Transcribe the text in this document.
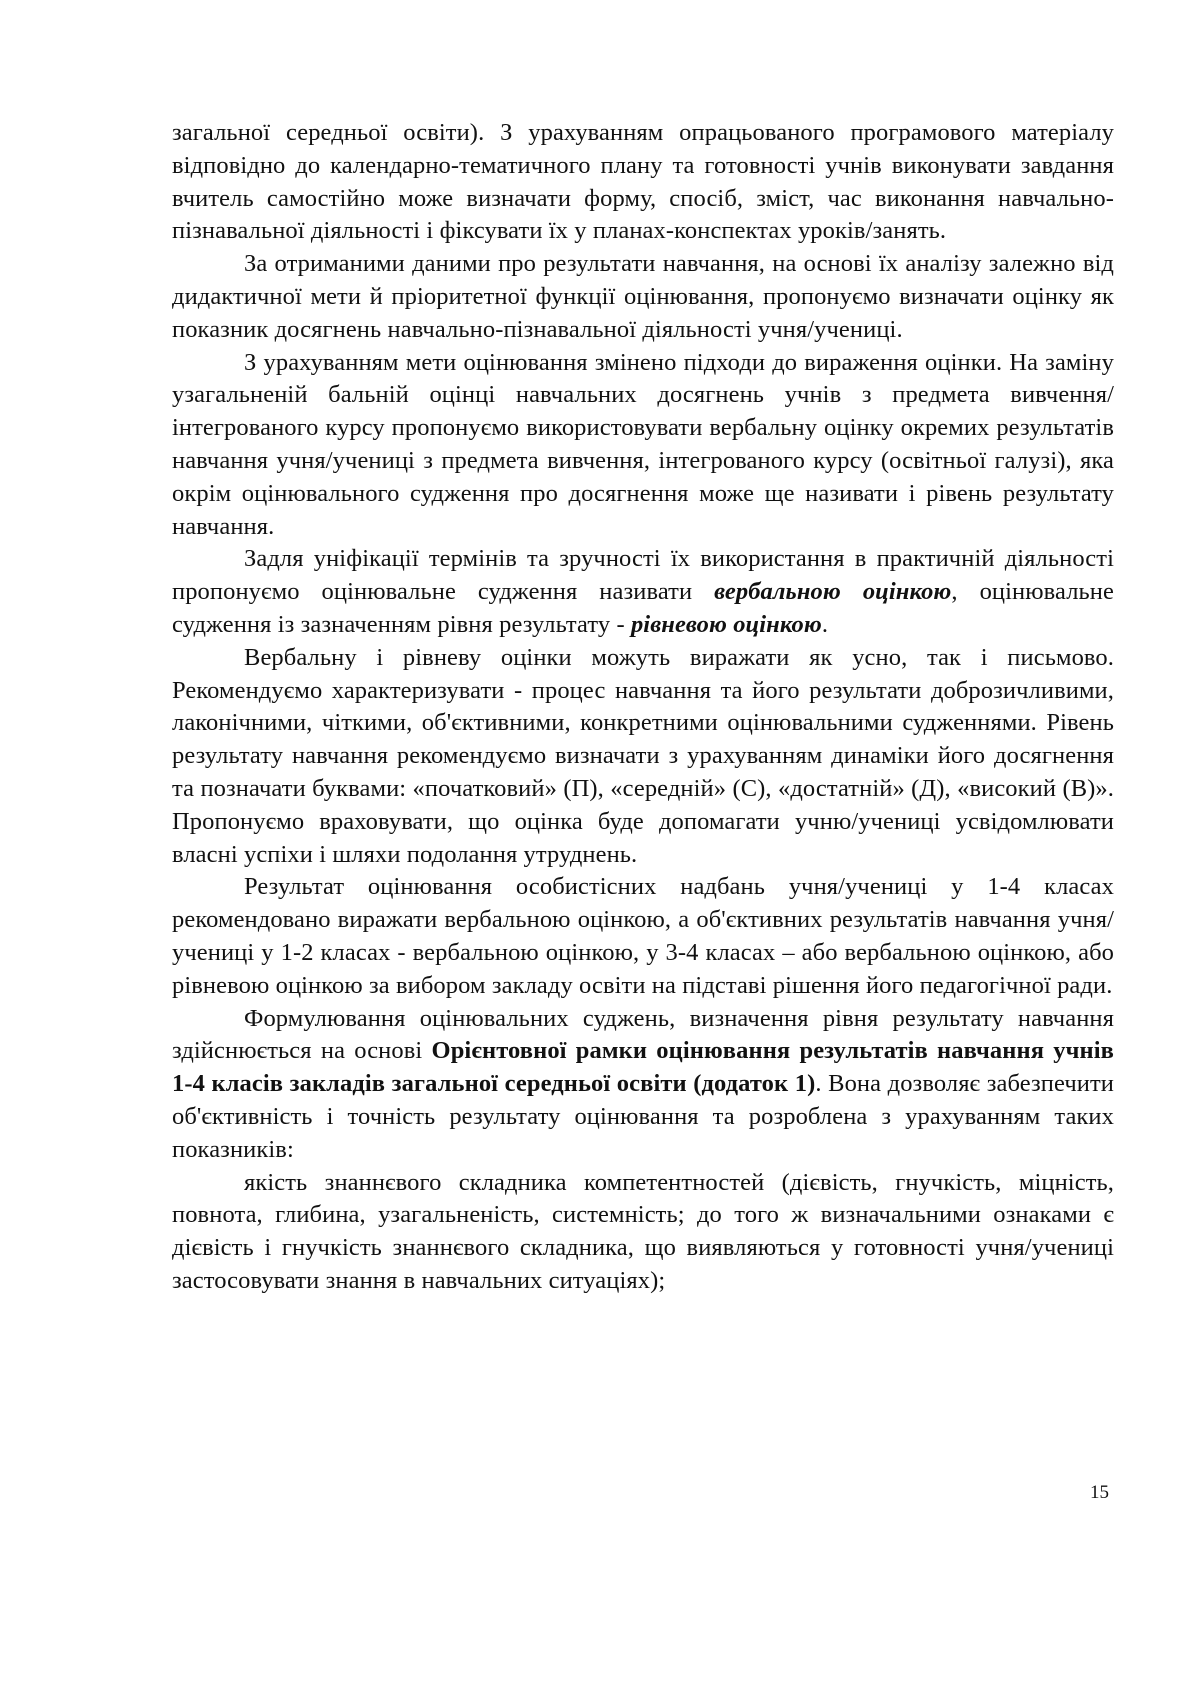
загальної середньої освіти). З урахуванням опрацьованого програмового матеріалу відповідно до календарно-тематичного плану та готовності учнів виконувати завдання вчитель самостійно може визначати форму, спосіб, зміст, час виконання навчально-пізнавальної діяльності і фіксувати їх у планах-конспектах уроків/занять.

За отриманими даними про результати навчання, на основі їх аналізу залежно від дидактичної мети й пріоритетної функції оцінювання, пропонуємо визначати оцінку як показник досягнень навчально-пізнавальної діяльності учня/учениці.

З урахуванням мети оцінювання змінено підходи до вираження оцінки. На заміну узагальненій бальній оцінці навчальних досягнень учнів з предмета вивчення/інтегрованого курсу пропонуємо використовувати вербальну оцінку окремих результатів навчання учня/учениці з предмета вивчення, інтегрованого курсу (освітньої галузі), яка окрім оцінювального судження про досягнення може ще називати і рівень результату навчання.

Задля уніфікації термінів та зручності їх використання в практичній діяльності пропонуємо оцінювальне судження називати вербальною оцінкою, оцінювальне судження із зазначенням рівня результату - рівневою оцінкою.

Вербальну і рівневу оцінки можуть виражати як усно, так і письмово. Рекомендуємо характеризувати - процес навчання та його результати доброзичливими, лаконічними, чіткими, об'єктивними, конкретними оцінювальними судженнями. Рівень результату навчання рекомендуємо визначати з урахуванням динаміки його досягнення та позначати буквами: «початковий» (П), «середній» (С), «достатній» (Д), «високий (В)». Пропонуємо враховувати, що оцінка буде допомагати учню/учениці усвідомлювати власні успіхи і шляхи подолання утруднень.

Результат оцінювання особистісних надбань учня/учениці у 1-4 класах рекомендовано виражати вербальною оцінкою, а об'єктивних результатів навчання учня/учениці у 1-2 класах - вербальною оцінкою, у 3-4 класах – або вербальною оцінкою, або рівневою оцінкою за вибором закладу освіти на підставі рішення його педагогічної ради.

Формулювання оцінювальних суджень, визначення рівня результату навчання здійснюється на основі Орієнтовної рамки оцінювання результатів навчання учнів 1-4 класів закладів загальної середньої освіти (додаток 1). Вона дозволяє забезпечити об'єктивність і точність результату оцінювання та розроблена з урахуванням таких показників:

якість знаннєвого складника компетентностей (дієвість, гнучкість, міцність, повнота, глибина, узагальненість, системність; до того ж визначальними ознаками є дієвість і гнучкість знаннєвого складника, що виявляються у готовності учня/учениці застосовувати знання в навчальних ситуаціях);

15
